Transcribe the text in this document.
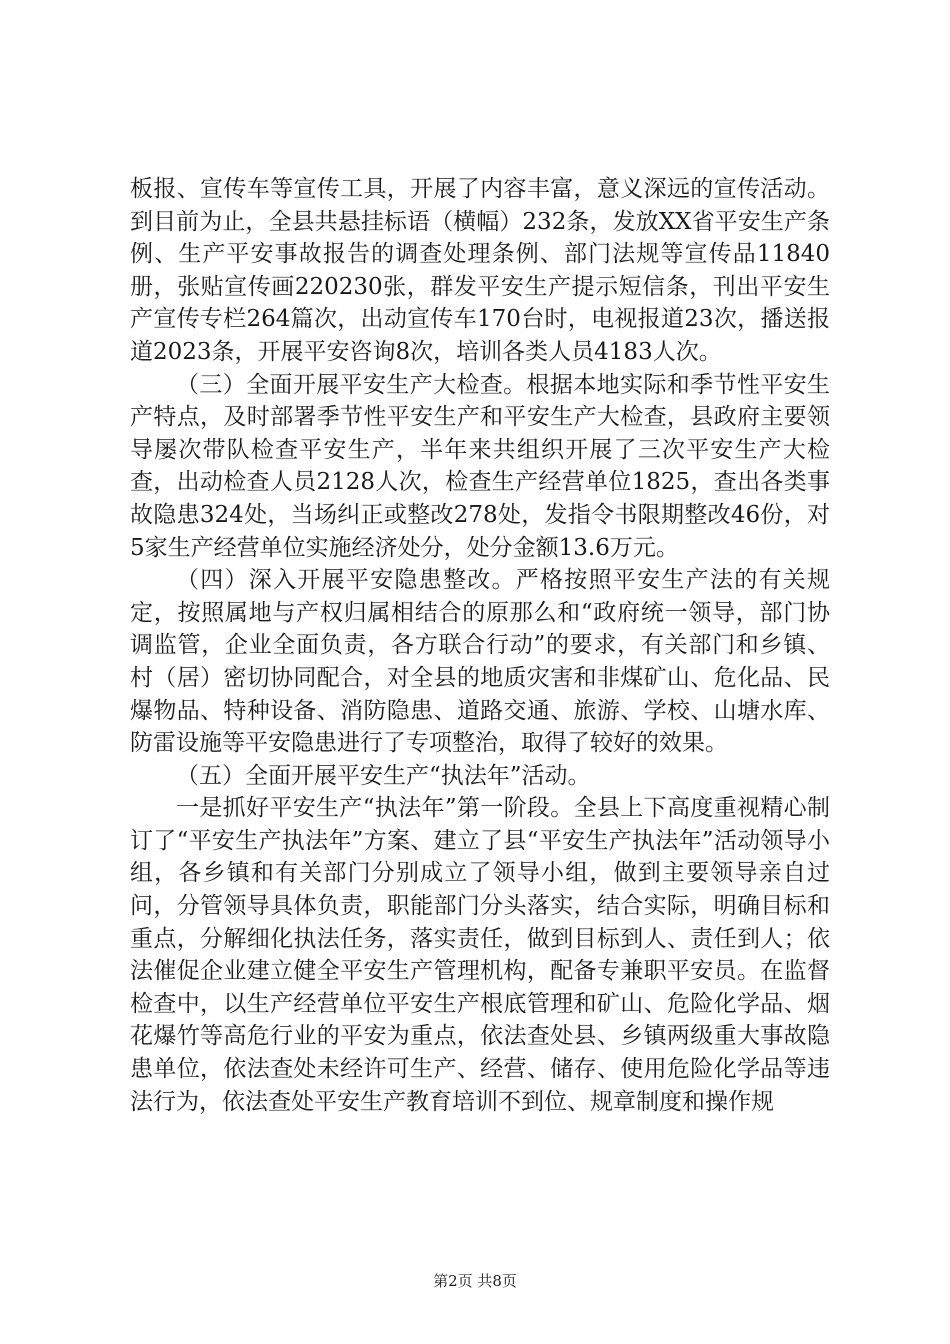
板报、宣传车等宣传工具，开展了内容丰富，意义深远的宣传活动。到目前为止，全县共悬挂标语（横幅）232条，发放XX省平安生产条例、生产平安事故报告的调查处理条例、部门法规等宣传品11840册，张贴宣传画220230张，群发平安生产提示短信条，刊出平安生产宣传专栏264篇次，出动宣传车170台时，电视报道23次，播送报道2023条，开展平安咨询8次，培训各类人员4183人次。

（三）全面开展平安生产大检查。根据本地实际和季节性平安生产特点，及时部署季节性平安生产和平安生产大检查，县政府主要领导屡次带队检查平安生产，半年来共组织开展了三次平安生产大检查，出动检查人员2128人次，检查生产经营单位1825，查出各类事故隐患324处，当场纠正或整改278处，发指令书限期整改46份，对5家生产经营单位实施经济处分，处分金额13.6万元。

（四）深入开展平安隐患整改。严格按照平安生产法的有关规定，按照属地与产权归属相结合的原那么和“政府统一领导，部门协调监管，企业全面负责，各方联合行动”的要求，有关部门和乡镇、村（居）密切协同配合，对全县的地质灾害和非煤矿山、危化品、民爆物品、特种设备、消防隐患、道路交通、旅游、学校、山塘水库、防雷设施等平安隐患进行了专项整治，取得了较好的效果。

（五）全面开展平安生产“执法年”活动。

一是抓好平安生产“执法年”第一阶段。全县上下高度重视精心制订了“平安生产执法年”方案、建立了县“平安生产执法年”活动领导小组，各乡镇和有关部门分别成立了领导小组，做到主要领导亲自过问，分管领导具体负责，职能部门分头落实，结合实际，明确目标和重点，分解细化执法任务，落实责任，做到目标到人、责任到人；依法催促企业建立健全平安生产管理机构，配备专兼职平安员。在监督检查中，以生产经营单位平安生产根底管理和矿山、危险化学品、烟花爆竹等高危行业的平安为重点，依法查处县、乡镇两级重大事故隐患单位，依法查处未经许可生产、经营、储存、使用危险化学品等违法行为，依法查处平安生产教育培训不到位、规章制度和操作规

第2页 共8页
